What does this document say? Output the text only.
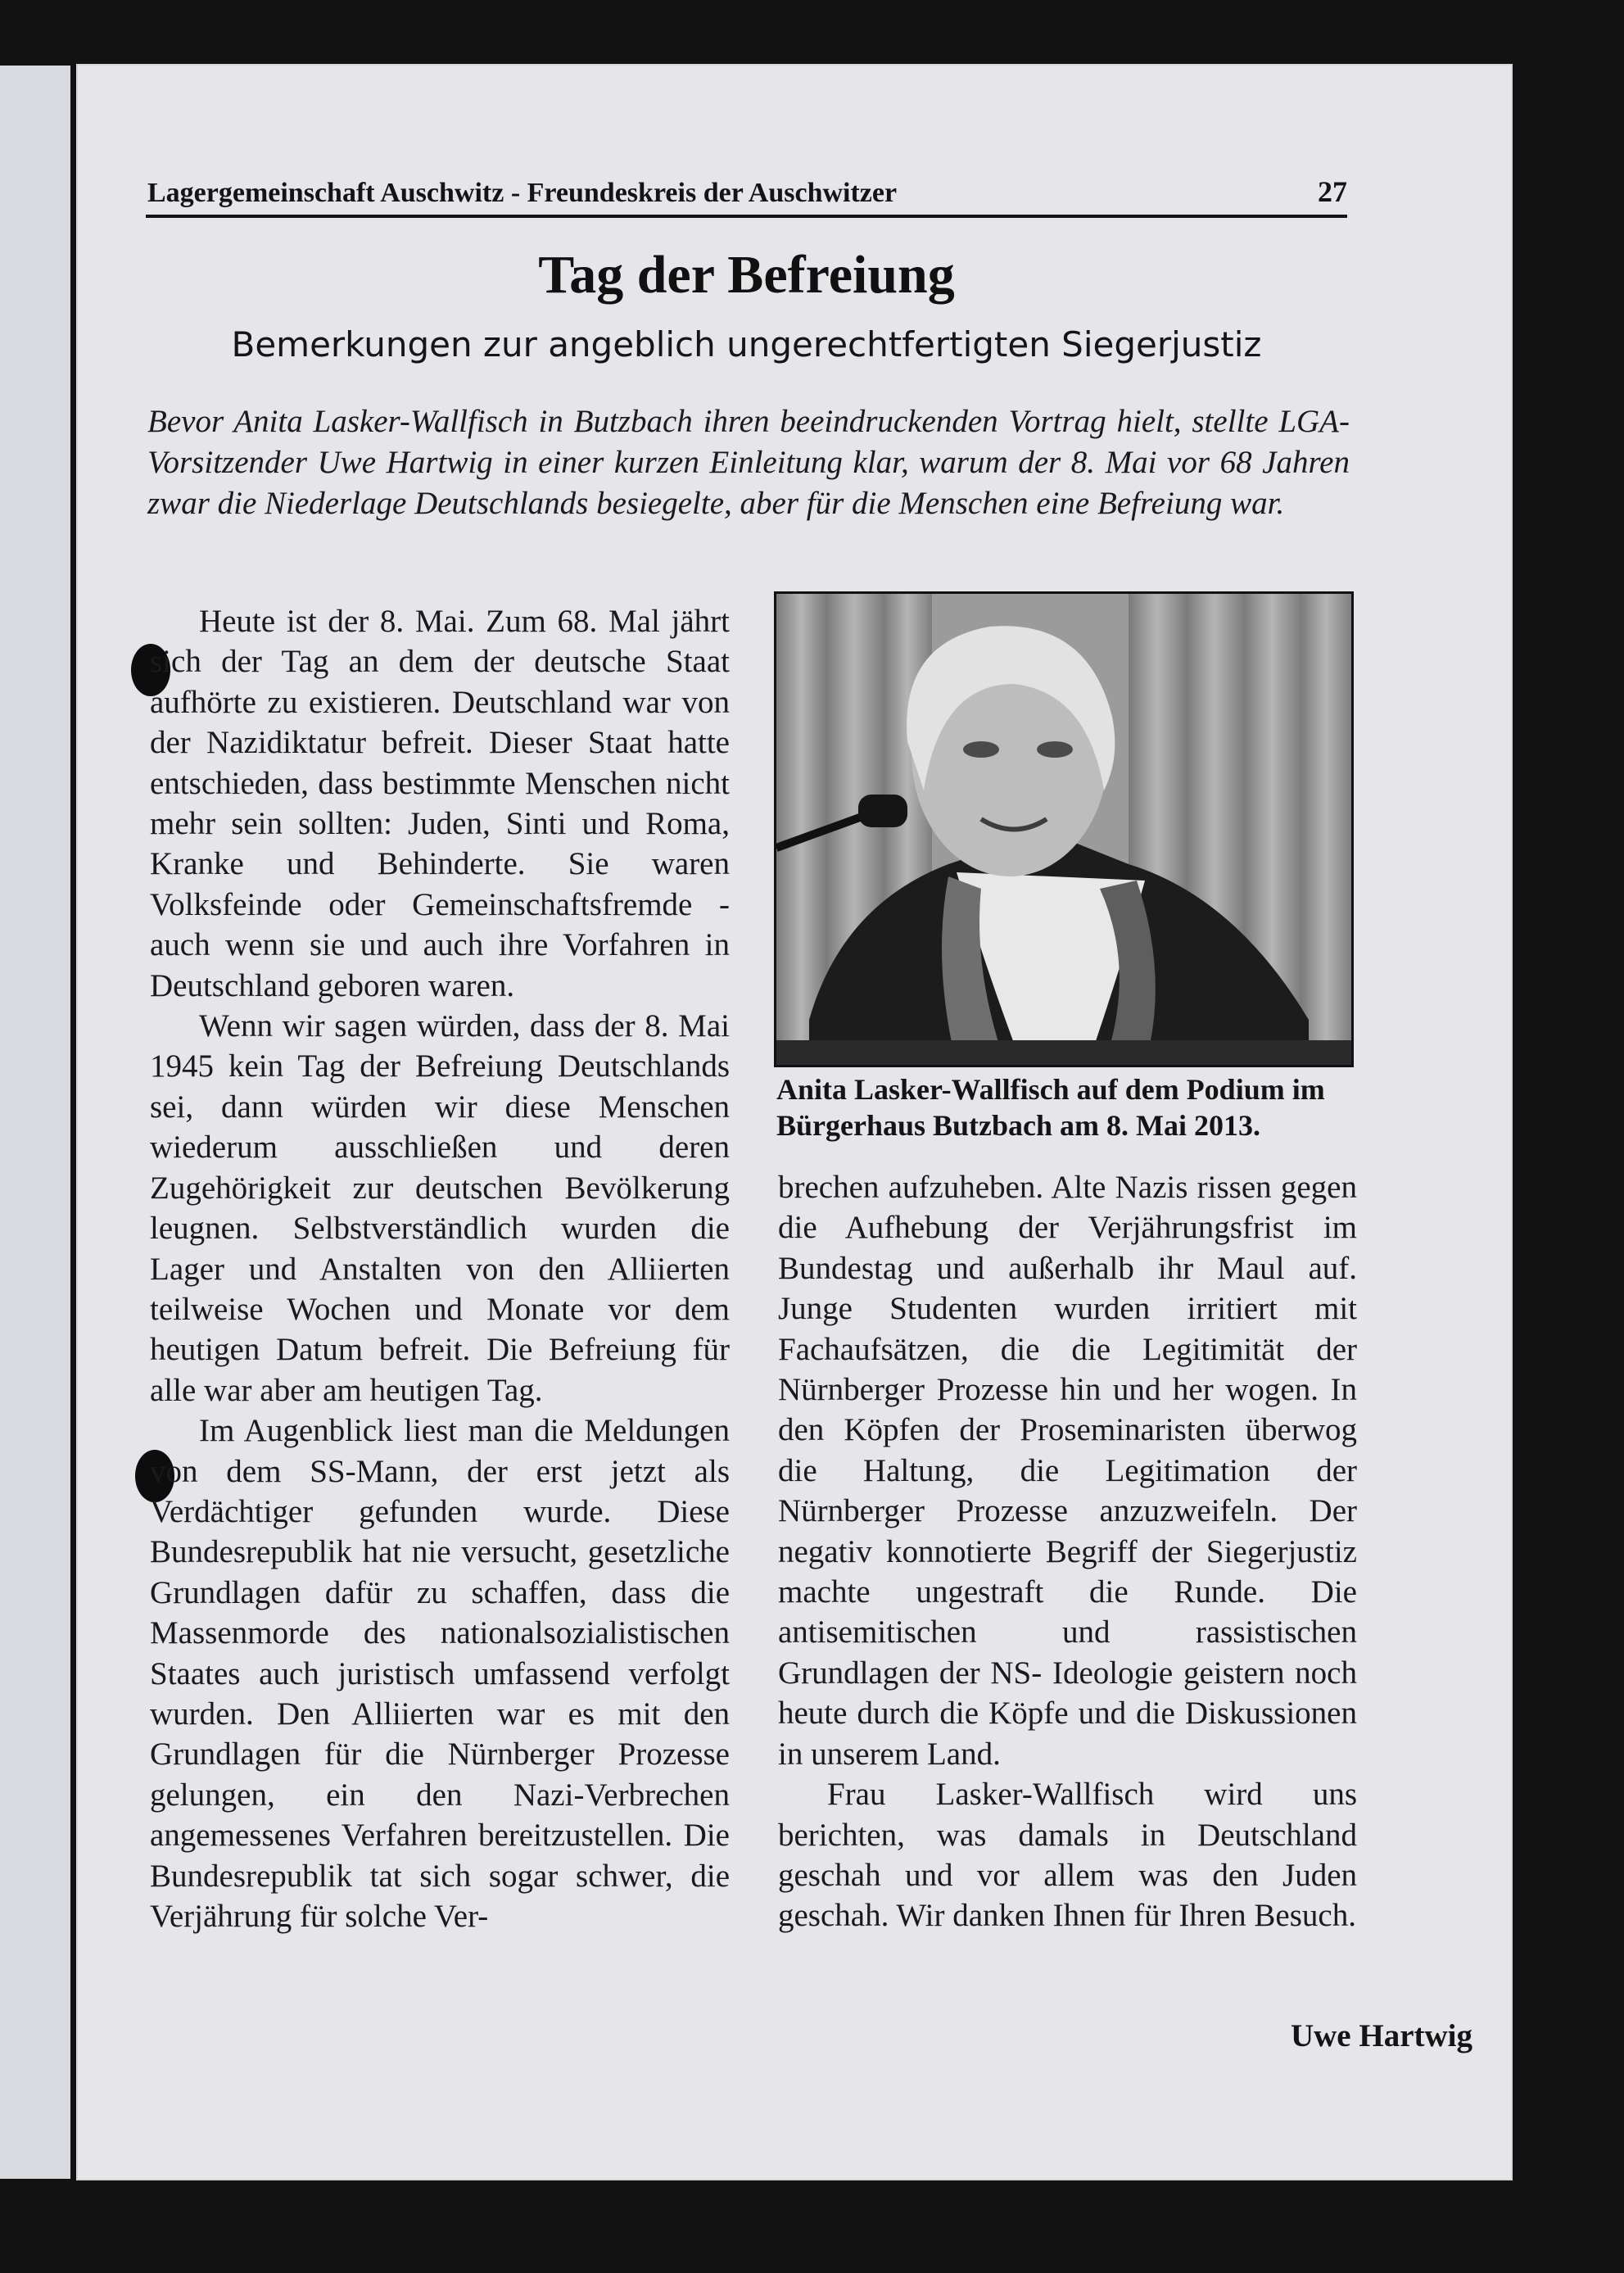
Lagergemeinschaft Auschwitz - Freundeskreis der Auschwitzer	27
Tag der Befreiung
Bemerkungen zur angeblich ungerechtfertigten Siegerjustiz
Bevor Anita Lasker-Wallfisch in Butzbach ihren beeindruckenden Vortrag hielt, stellte LGA-Vorsitzender Uwe Hartwig in einer kurzen Einleitung klar, warum der 8. Mai vor 68 Jahren zwar die Niederlage Deutschlands besiegelte, aber für die Menschen eine Befreiung war.

Heute ist der 8. Mai. Zum 68. Mal jährt sich der Tag an dem der deutsche Staat aufhörte zu existieren. Deutschland war von der Nazidiktatur befreit. Dieser Staat hatte entschieden, dass bestimmte Menschen nicht mehr sein sollten: Juden, Sinti und Roma, Kranke und Behinderte. Sie waren Volksfeinde oder Gemeinschaftsfremde - auch wenn sie und auch ihre Vorfahren in Deutschland geboren waren.

Wenn wir sagen würden, dass der 8. Mai 1945 kein Tag der Befreiung Deutschlands sei, dann würden wir diese Menschen wiederum ausschließen und deren Zugehörigkeit zur deutschen Bevölkerung leugnen. Selbstverständlich wurden die Lager und Anstalten von den Alliierten teilweise Wochen und Monate vor dem heutigen Datum befreit. Die Befreiung für alle war aber am heutigen Tag.

Im Augenblick liest man die Meldungen von dem SS-Mann, der erst jetzt als Verdächtiger gefunden wurde. Diese Bundesrepublik hat nie versucht, gesetzliche Grundlagen dafür zu schaffen, dass die Massenmorde des nationalsozialistischen Staates auch juristisch umfassend verfolgt wurden. Den Alliierten war es mit den Grundlagen für die Nürnberger Prozesse gelungen, ein den Nazi-Verbrechen angemessenes Verfahren bereitzustellen. Die Bundesrepublik tat sich sogar schwer, die Verjährung für solche Ver-

Anita Lasker-Wallfisch auf dem Podium im Bürgerhaus Butzbach am 8. Mai 2013.

brechen aufzuheben. Alte Nazis rissen gegen die Aufhebung der Verjährungsfrist im Bundestag und außerhalb ihr Maul auf. Junge Studenten wurden irritiert mit Fachaufsätzen, die die Legitimität der Nürnberger Prozesse hin und her wogen. In den Köpfen der Proseminaristen überwog die Haltung, die Legitimation der Nürnberger Prozesse anzuzweifeln. Der negativ konnotierte Begriff der Siegerjustiz machte ungestraft die Runde. Die antisemitischen und rassistischen Grundlagen der NS- Ideologie geistern noch heute durch die Köpfe und die Diskussionen in unserem Land.

Frau Lasker-Wallfisch wird uns berichten, was damals in Deutschland geschah und vor allem was den Juden geschah. Wir danken Ihnen für Ihren Besuch.

Uwe Hartwig
